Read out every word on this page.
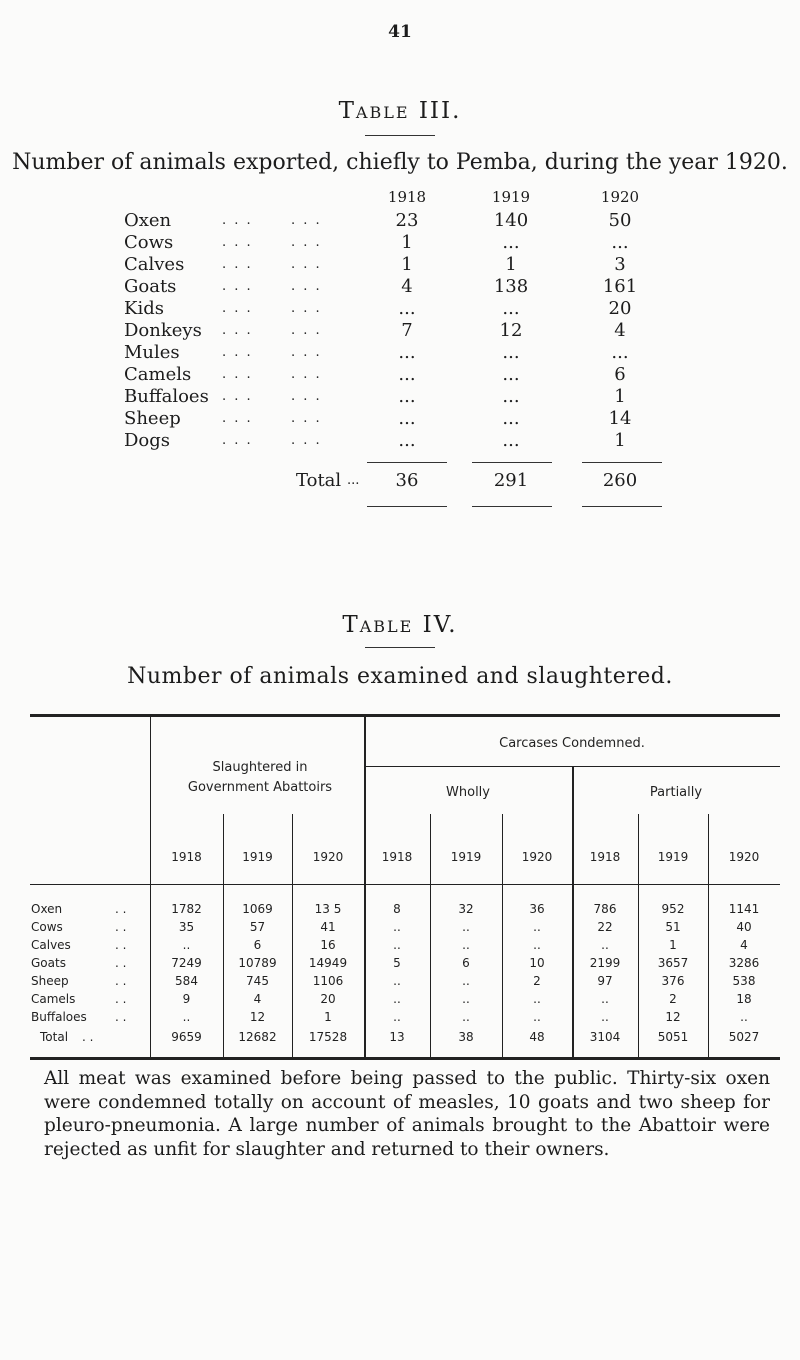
41
Table III.
Number of animals exported, chiefly to Pemba, during the year 1920.
1918	1919	1920
Oxen	. . .	. . .	23	140	50
Cows	. . .	. . .	1	...	...
Calves	. . .	. . .	1	1	3
Goats	. . .	. . .	4	138	161
Kids	. . .	. . .	...	...	20
Donkeys . . .	. . .	7	12	4
Mules	. . .	. . .	...	...	...
Camels . . .	. . .	...	...	6
Buffaloes . . .	. . .	...	...	1
Sheep	. . .	. . .	...	...	14
Dogs	. . .	. . .	...	...	1
Total ...	36	291	260
Table IV.
Number of animals examined and slaughtered.
Slaughtered in
Government Abattoirs
Carcases Condemned.
Wholly	Partially
1918	1919	1920	1918	1919	1920	1918	1919	1920
Oxen	. .	1782	1069	13 5	8	32	36	786	952	1141
Cows	. .	35	57	41	..	..	..	22	51	40
Calves	. .	..	6	16	..	..	..	..	1	4
Goats	. .	7249	10789	14949	5	6	10	2199	3657	3286
Sheep	. .	584	745	1106	..	..	2	97	376	538
Camels	. .	9	4	20	..	..	..	..	2	18
Buffaloes . .	..	12	1	..	..	..	..	12	..
Total . .	9659	12682	17528	13	38	48	3104	5051	5027
All meat was examined before being passed to the public. Thirty-six oxen were condemned totally on account of measles, 10 goats and two sheep for pleuro-pneumonia. A large number of animals brought to the Abattoir were rejected as unfit for slaughter and returned to their owners.
